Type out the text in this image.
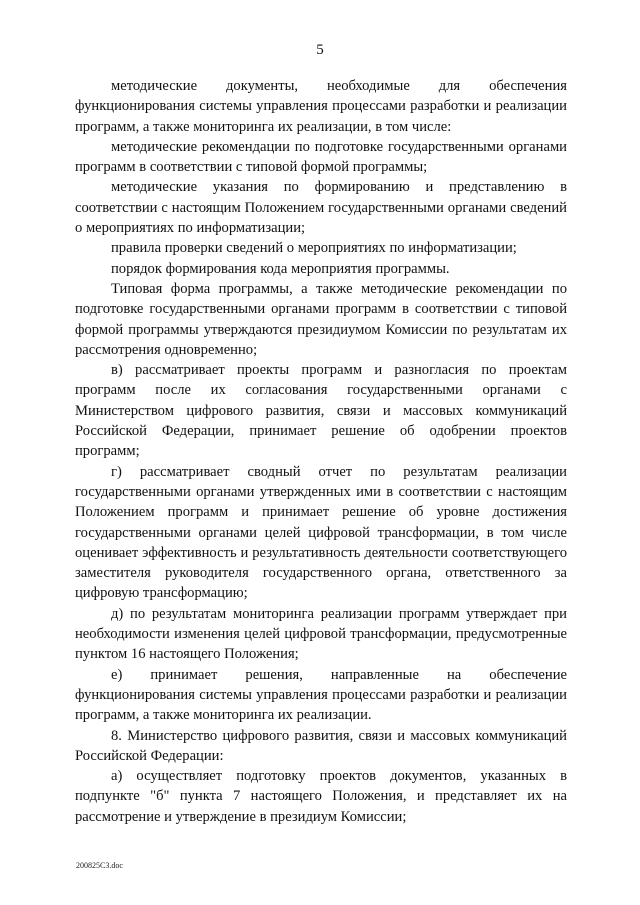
5

методические документы, необходимые для обеспечения функционирования системы управления процессами разработки и реализации программ, а также мониторинга их реализации, в том числе:

методические рекомендации по подготовке государственными органами программ в соответствии с типовой формой программы;

методические указания по формированию и представлению в соответствии с настоящим Положением государственными органами сведений о мероприятиях по информатизации;

правила проверки сведений о мероприятиях по информатизации;

порядок формирования кода мероприятия программы.

Типовая форма программы, а также методические рекомендации по подготовке государственными органами программ в соответствии с типовой формой программы утверждаются президиумом Комиссии по результатам их рассмотрения одновременно;

в) рассматривает проекты программ и разногласия по проектам программ после их согласования государственными органами с Министерством цифрового развития, связи и массовых коммуникаций Российской Федерации, принимает решение об одобрении проектов программ;

г) рассматривает сводный отчет по результатам реализации государственными органами утвержденных ими в соответствии с настоящим Положением программ и принимает решение об уровне достижения государственными органами целей цифровой трансформации, в том числе оценивает эффективность и результативность деятельности соответствующего заместителя руководителя государственного органа, ответственного за цифровую трансформацию;

д) по результатам мониторинга реализации программ утверждает при необходимости изменения целей цифровой трансформации, предусмотренные пунктом 16 настоящего Положения;

е) принимает решения, направленные на обеспечение функционирования системы управления процессами разработки и реализации программ, а также мониторинга их реализации.

8. Министерство цифрового развития, связи и массовых коммуникаций Российской Федерации:

а) осуществляет подготовку проектов документов, указанных в подпункте "б" пункта 7 настоящего Положения, и представляет их на рассмотрение и утверждение в президиум Комиссии;

200825С3.doc
